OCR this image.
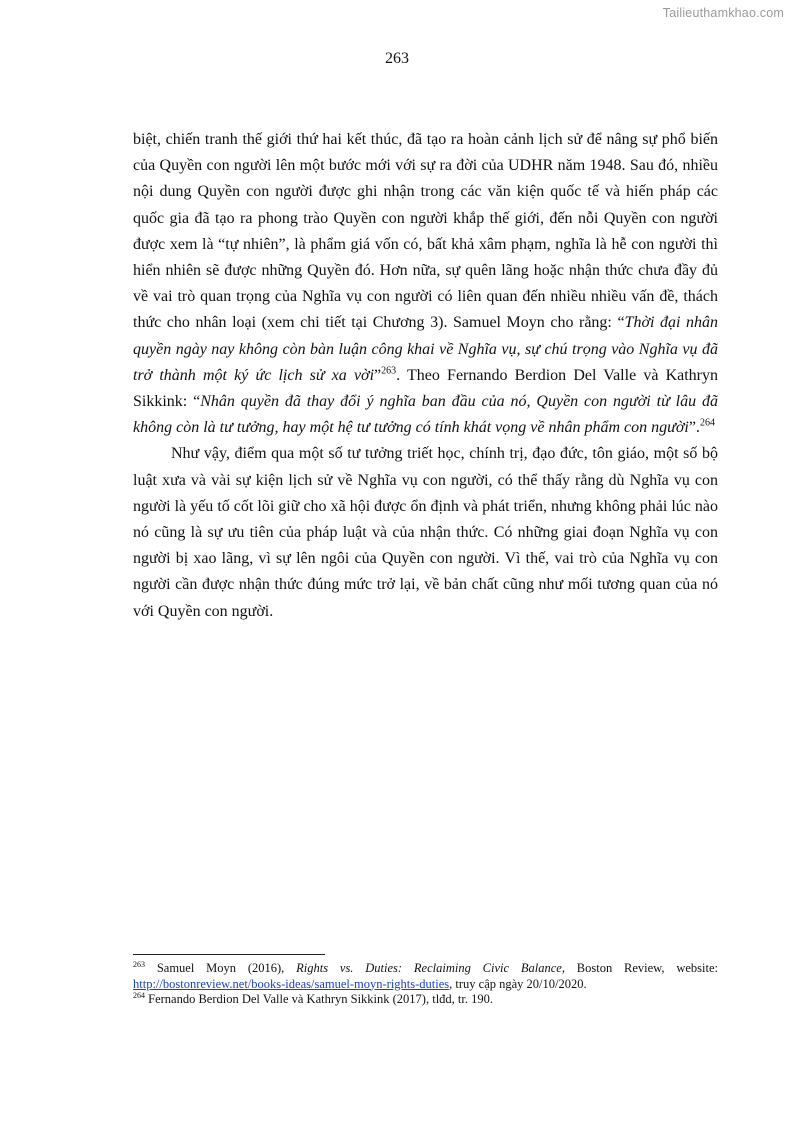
Tailieuthamkhao.com
263

biệt, chiến tranh thế giới thứ hai kết thúc, đã tạo ra hoàn cảnh lịch sử để nâng sự phổ biến của Quyền con người lên một bước mới với sự ra đời của UDHR năm 1948. Sau đó, nhiều nội dung Quyền con người được ghi nhận trong các văn kiện quốc tế và hiến pháp các quốc gia đã tạo ra phong trào Quyền con người khắp thế giới, đến nỗi Quyền con người được xem là “tự nhiên”, là phẩm giá vốn có, bất khả xâm phạm, nghĩa là hễ con người thì hiển nhiên sẽ được những Quyền đó. Hơn nữa, sự quên lãng hoặc nhận thức chưa đầy đủ về vai trò quan trọng của Nghĩa vụ con người có liên quan đến nhiều nhiều vấn đề, thách thức cho nhân loại (xem chi tiết tại Chương 3). Samuel Moyn cho rằng: “Thời đại nhân quyền ngày nay không còn bàn luận công khai về Nghĩa vụ, sự chú trọng vào Nghĩa vụ đã trở thành một ký ức lịch sử xa vời”$^{263}$. Theo Fernando Berdion Del Valle và Kathryn Sikkink: “Nhân quyền đã thay đổi ý nghĩa ban đầu của nó, Quyền con người từ lâu đã không còn là tư tưởng, hay một hệ tư tưởng có tính khát vọng về nhân phẩm con người”.$^{264}$

Như vậy, điểm qua một số tư tưởng triết học, chính trị, đạo đức, tôn giáo, một số bộ luật xưa và vài sự kiện lịch sử về Nghĩa vụ con người, có thể thấy rằng dù Nghĩa vụ con người là yếu tố cốt lõi giữ cho xã hội được ổn định và phát triển, nhưng không phải lúc nào nó cũng là sự ưu tiên của pháp luật và của nhận thức. Có những giai đoạn Nghĩa vụ con người bị xao lãng, vì sự lên ngôi của Quyền con người. Vì thế, vai trò của Nghĩa vụ con người cần được nhận thức đúng mức trở lại, về bản chất cũng như mối tương quan của nó với Quyền con người.

$^{263}$ Samuel Moyn (2016), Rights vs. Duties: Reclaiming Civic Balance, Boston Review, website: http://bostonreview.net/books-ideas/samuel-moyn-rights-duties, truy cập ngày 20/10/2020.

$^{264}$ Fernando Berdion Del Valle và Kathryn Sikkink (2017), tlđd, tr. 190.
